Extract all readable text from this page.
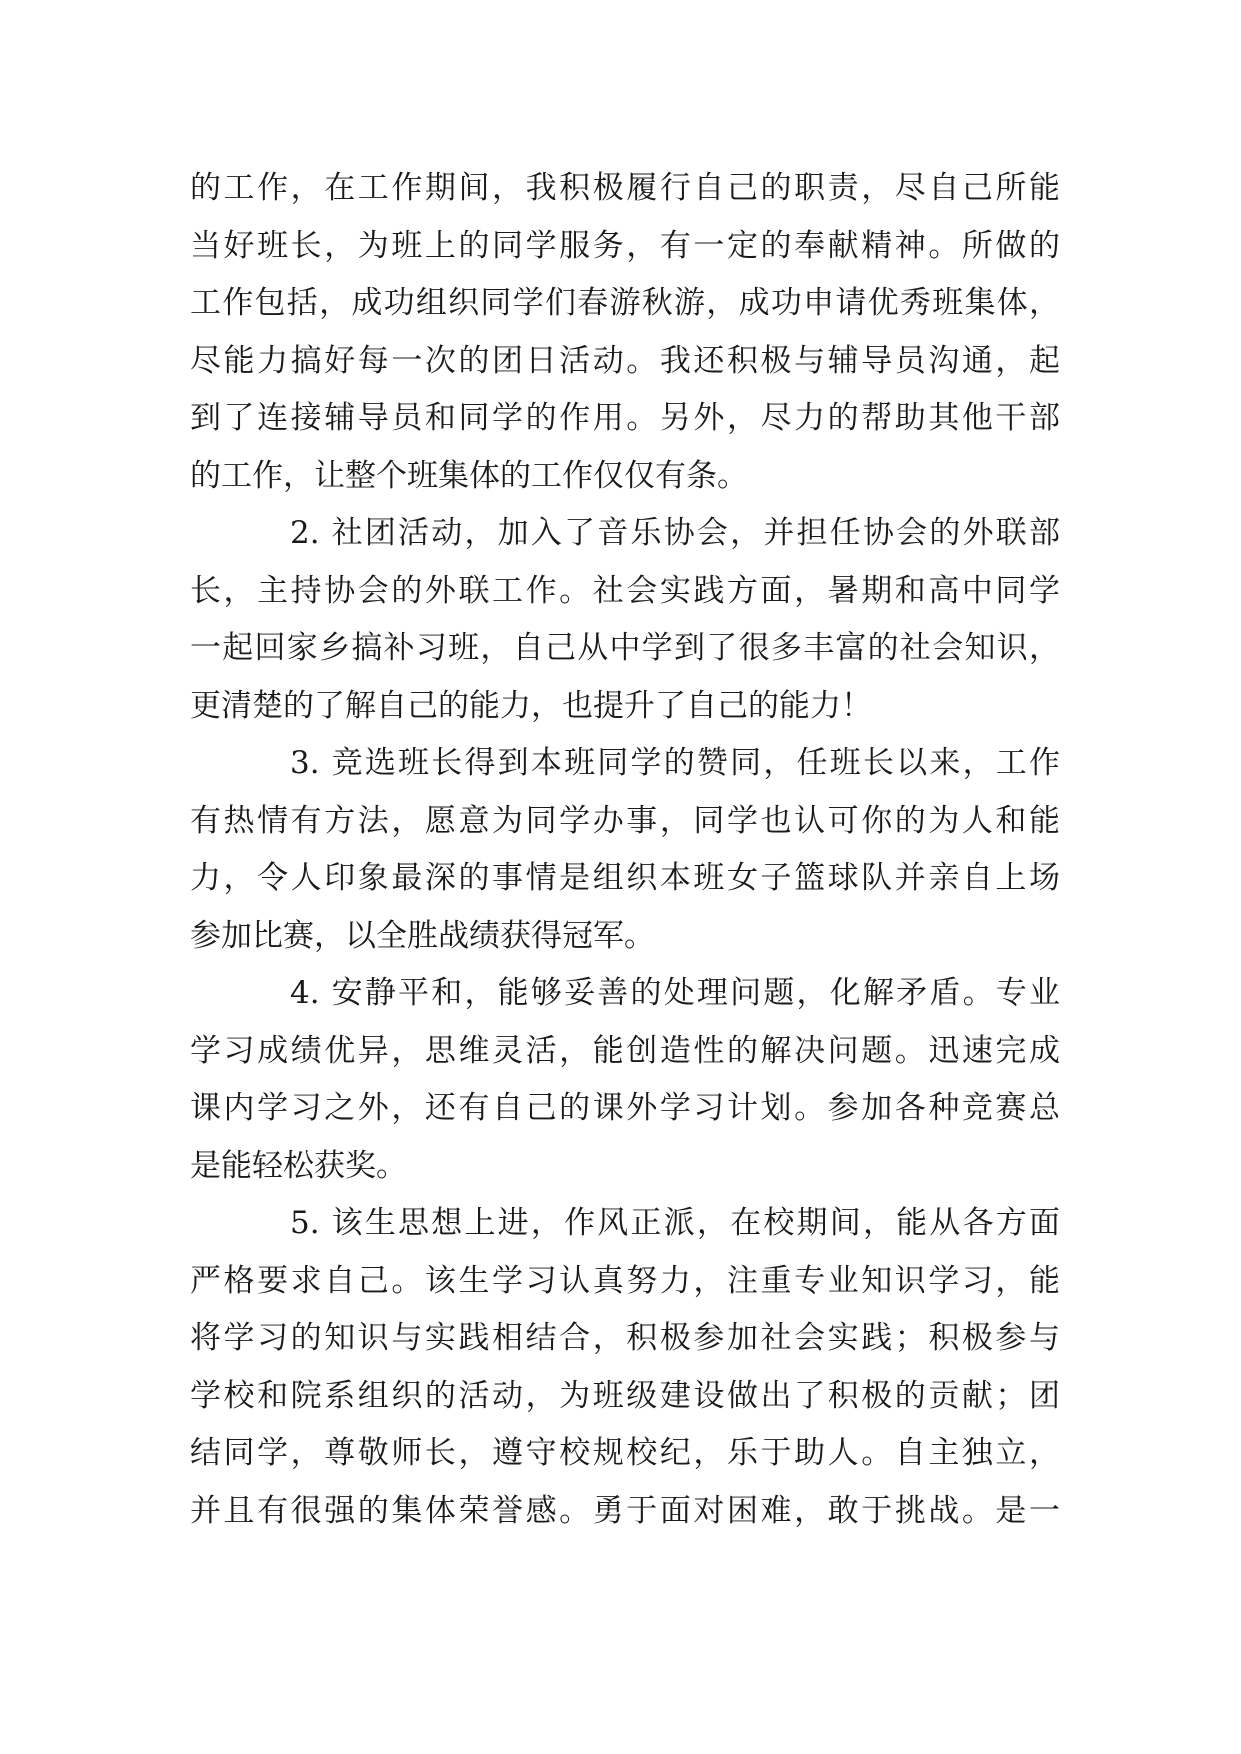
的工作，在工作期间，我积极履行自己的职责，尽自己所能
当好班长，为班上的同学服务，有一定的奉献精神。所做的
工作包括，成功组织同学们春游秋游，成功申请优秀班集体，
尽能力搞好每一次的团日活动。我还积极与辅导员沟通，起
到了连接辅导员和同学的作用。另外，尽力的帮助其他干部
的工作，让整个班集体的工作仅仅有条。
2. 社团活动，加入了音乐协会，并担任协会的外联部
长，主持协会的外联工作。社会实践方面，暑期和高中同学
一起回家乡搞补习班，自己从中学到了很多丰富的社会知识，
更清楚的了解自己的能力，也提升了自己的能力！
3. 竞选班长得到本班同学的赞同，任班长以来，工作
有热情有方法，愿意为同学办事，同学也认可你的为人和能
力，令人印象最深的事情是组织本班女子篮球队并亲自上场
参加比赛，以全胜战绩获得冠军。
4. 安静平和，能够妥善的处理问题，化解矛盾。专业
学习成绩优异，思维灵活，能创造性的解决问题。迅速完成
课内学习之外，还有自己的课外学习计划。参加各种竞赛总
是能轻松获奖。
5. 该生思想上进，作风正派，在校期间，能从各方面
严格要求自己。该生学习认真努力，注重专业知识学习，能
将学习的知识与实践相结合，积极参加社会实践；积极参与
学校和院系组织的活动，为班级建设做出了积极的贡献；团
结同学，尊敬师长，遵守校规校纪，乐于助人。自主独立，
并且有很强的集体荣誉感。勇于面对困难，敢于挑战。是一
